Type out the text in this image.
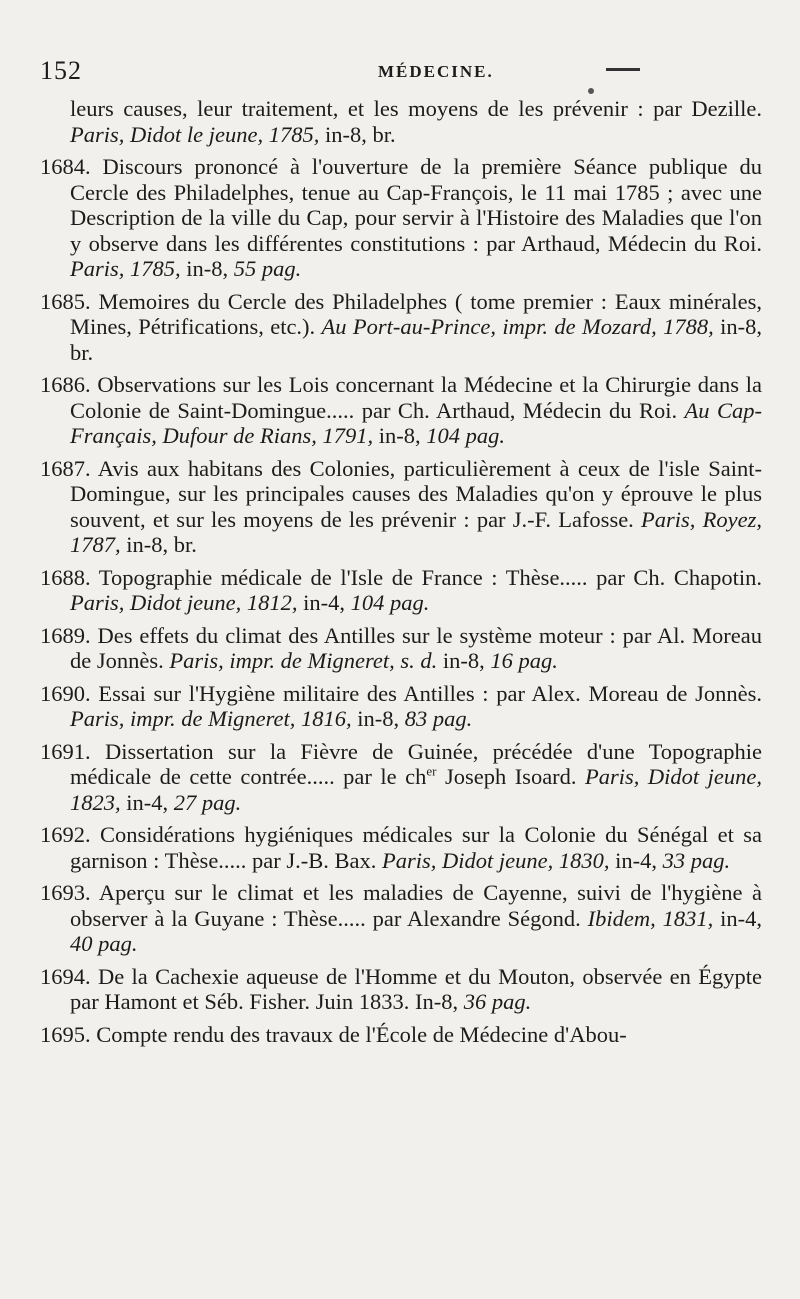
152	MÉDECINE.
leurs causes, leur traitement, et les moyens de les prévenir : par Dezille. Paris, Didot le jeune, 1785, in-8, br.
1684. Discours prononcé à l'ouverture de la première Séance publique du Cercle des Philadelphes, tenue au Cap-François, le 11 mai 1785 ; avec une Description de la ville du Cap, pour servir à l'Histoire des Maladies que l'on y observe dans les différentes constitutions : par Arthaud, Médecin du Roi. Paris, 1785, in-8, 55 pag.
1685. Memoires du Cercle des Philadelphes ( tome premier : Eaux minérales, Mines, Pétrifications, etc.). Au Port-au-Prince, impr. de Mozard, 1788, in-8, br.
1686. Observations sur les Lois concernant la Médecine et la Chirurgie dans la Colonie de Saint-Domingue..... par Ch. Arthaud, Médecin du Roi. Au Cap-Français, Dufour de Rians, 1791, in-8, 104 pag.
1687. Avis aux habitans des Colonies, particulièrement à ceux de l'isle Saint-Domingue, sur les principales causes des Maladies qu'on y éprouve le plus souvent, et sur les moyens de les prévenir : par J.-F. Lafosse. Paris, Royez, 1787, in-8, br.
1688. Topographie médicale de l'Isle de France : Thèse..... par Ch. Chapotin. Paris, Didot jeune, 1812, in-4, 104 pag.
1689. Des effets du climat des Antilles sur le système moteur : par Al. Moreau de Jonnès. Paris, impr. de Migneret, s. d. in-8, 16 pag.
1690. Essai sur l'Hygiène militaire des Antilles : par Alex. Moreau de Jonnès. Paris, impr. de Migneret, 1816, in-8, 83 pag.
1691. Dissertation sur la Fièvre de Guinée, précédée d'une Topographie médicale de cette contrée..... par le $ch^{er}$ Joseph Isoard. Paris, Didot jeune, 1823, in-4, 27 pag.
1692. Considérations hygiéniques médicales sur la Colonie du Sénégal et sa garnison : Thèse..... par J.-B. Bax. Paris, Didot jeune, 1830, in-4, 33 pag.
1693. Aperçu sur le climat et les maladies de Cayenne, suivi de l'hygiène à observer à la Guyane : Thèse..... par Alexandre Ségond. Ibidem, 1831, in-4, 40 pag.
1694. De la Cachexie aqueuse de l'Homme et du Mouton, observée en Égypte par Hamont et Séb. Fisher. Juin 1833. In-8, 36 pag.
1695. Compte rendu des travaux de l'École de Médecine d'Abou-
